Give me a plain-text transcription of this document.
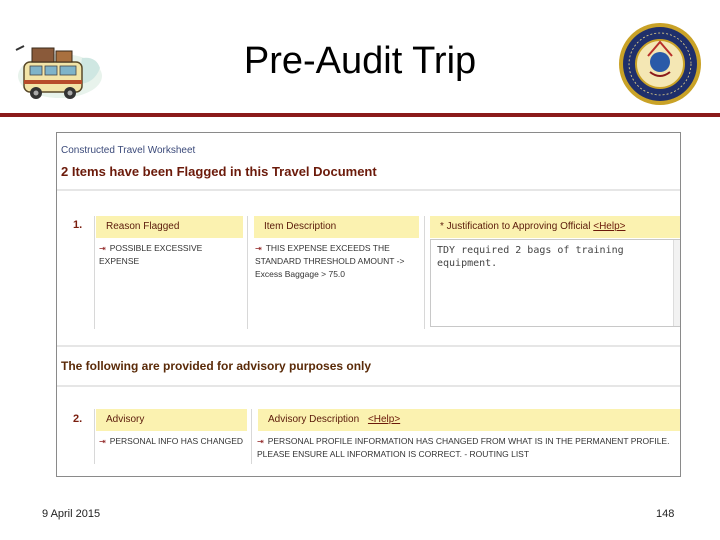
Pre-Audit Trip
Constructed Travel Worksheet
2 Items have been Flagged in this Travel Document
1.	Reason Flagged	Item Description	* Justification to Approving Official <Help>
⇥ POSSIBLE EXCESSIVE EXPENSE
⇥ THIS EXPENSE EXCEEDS THE
STANDARD THRESHOLD AMOUNT ->
Excess Baggage > 75.0
TDY required 2 bags of training
equipment.
The following are provided for advisory purposes only
2.	Advisory	Advisory Description <Help>
⇥ PERSONAL INFO HAS CHANGED	⇥ PERSONAL PROFILE INFORMATION HAS CHANGED FROM WHAT IS IN THE PERMANENT PROFILE.
PLEASE ENSURE ALL INFORMATION IS CORRECT. - ROUTING LIST
9 April 2015	148
